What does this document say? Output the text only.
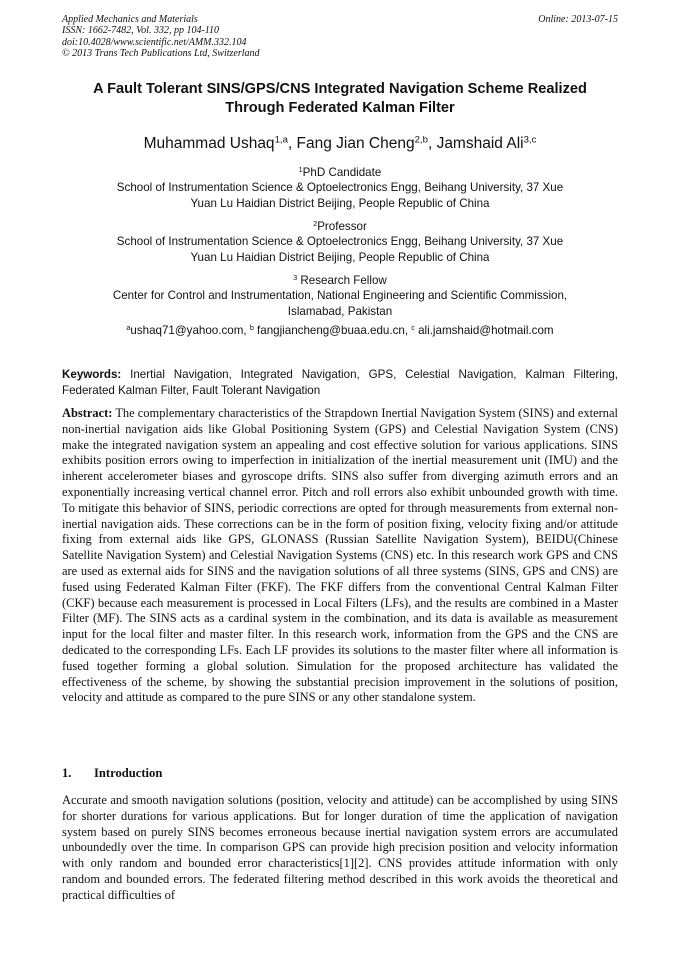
Applied Mechanics and Materials
ISSN: 1662-7482, Vol. 332, pp 104-110
doi:10.4028/www.scientific.net/AMM.332.104
© 2013 Trans Tech Publications Ltd, Switzerland
Online: 2013-07-15
A Fault Tolerant SINS/GPS/CNS Integrated Navigation Scheme Realized Through Federated Kalman Filter

Muhammad Ushaq$^{1,a}$, Fang Jian Cheng$^{2,b}$, Jamshaid Ali$^{3,c}$

$^1$PhD Candidate
School of Instrumentation Science & Optoelectronics Engg, Beihang University, 37 Xue
Yuan Lu Haidian District Beijing, People Republic of China
$^2$Professor
School of Instrumentation Science & Optoelectronics Engg, Beihang University, 37 Xue
Yuan Lu Haidian District Beijing, People Republic of China
$^3$ Research Fellow
Center for Control and Instrumentation, National Engineering and Scientific Commission,
Islamabad, Pakistan

$^a$ushaq71@yahoo.com, $^b$ fangjiancheng@buaa.edu.cn, $^c$ ali.jamshaid@hotmail.com

Keywords: Inertial Navigation, Integrated Navigation, GPS, Celestial Navigation, Kalman Filtering, Federated Kalman Filter, Fault Tolerant Navigation

Abstract: The complementary characteristics of the Strapdown Inertial Navigation System (SINS) and external non-inertial navigation aids like Global Positioning System (GPS) and Celestial Navigation System (CNS) make the integrated navigation system an appealing and cost effective solution for various applications. SINS exhibits position errors owing to imperfection in initialization of the inertial measurement unit (IMU) and the inherent accelerometer biases and gyroscope drifts. SINS also suffer from diverging azimuth errors and an exponentially increasing vertical channel error. Pitch and roll errors also exhibit unbounded growth with time. To mitigate this behavior of SINS, periodic corrections are opted for through measurements from external non-inertial navigation aids. These corrections can be in the form of position fixing, velocity fixing and/or attitude fixing from external aids like GPS, GLONASS (Russian Satellite Navigation System), BEIDU(Chinese Satellite Navigation System) and Celestial Navigation Systems (CNS) etc. In this research work GPS and CNS are used as external aids for SINS and the navigation solutions of all three systems (SINS, GPS and CNS) are fused using Federated Kalman Filter (FKF). The FKF differs from the conventional Central Kalman Filter (CKF) because each measurement is processed in Local Filters (LFs), and the results are combined in a Master Filter (MF). The SINS acts as a cardinal system in the combination, and its data is available as measurement input for the local filter and master filter. In this research work, information from the GPS and the CNS are dedicated to the corresponding LFs. Each LF provides its solutions to the master filter where all information is fused together forming a global solution. Simulation for the proposed architecture has validated the effectiveness of the scheme, by showing the substantial precision improvement in the solutions of position, velocity and attitude as compared to the pure SINS or any other standalone system.

1. Introduction

Accurate and smooth navigation solutions (position, velocity and attitude) can be accomplished by using SINS for shorter durations for various applications. But for longer duration of time the application of navigation system based on purely SINS becomes erroneous because inertial navigation system errors are accumulated unboundedly over the time. In comparison GPS can provide high precision position and velocity information with only random and bounded error characteristics[1][2]. CNS provides attitude information with only random and bounded errors. The federated filtering method described in this work avoids the theoretical and practical difficulties of
